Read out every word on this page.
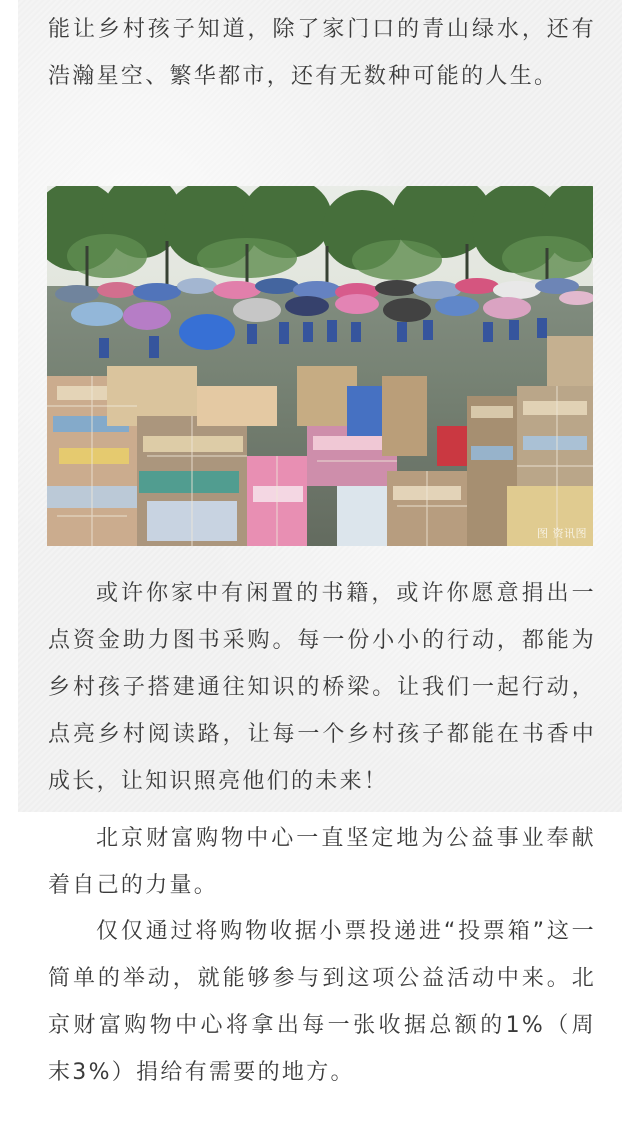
能让乡村孩子知道，除了家门口的青山绿水，还有浩瀚星空、繁华都市，还有无数种可能的人生。

图 资讯图

或许你家中有闲置的书籍，或许你愿意捐出一点资金助力图书采购。每一份小小的行动，都能为乡村孩子搭建通往知识的桥梁。让我们一起行动，点亮乡村阅读路，让每一个乡村孩子都能在书香中成长，让知识照亮他们的未来！

北京财富购物中心一直坚定地为公益事业奉献着自己的力量。

仅仅通过将购物收据小票投递进“投票箱”这一简单的举动，就能够参与到这项公益活动中来。北京财富购物中心将拿出每一张收据总额的1%（周末3%）捐给有需要的地方。
